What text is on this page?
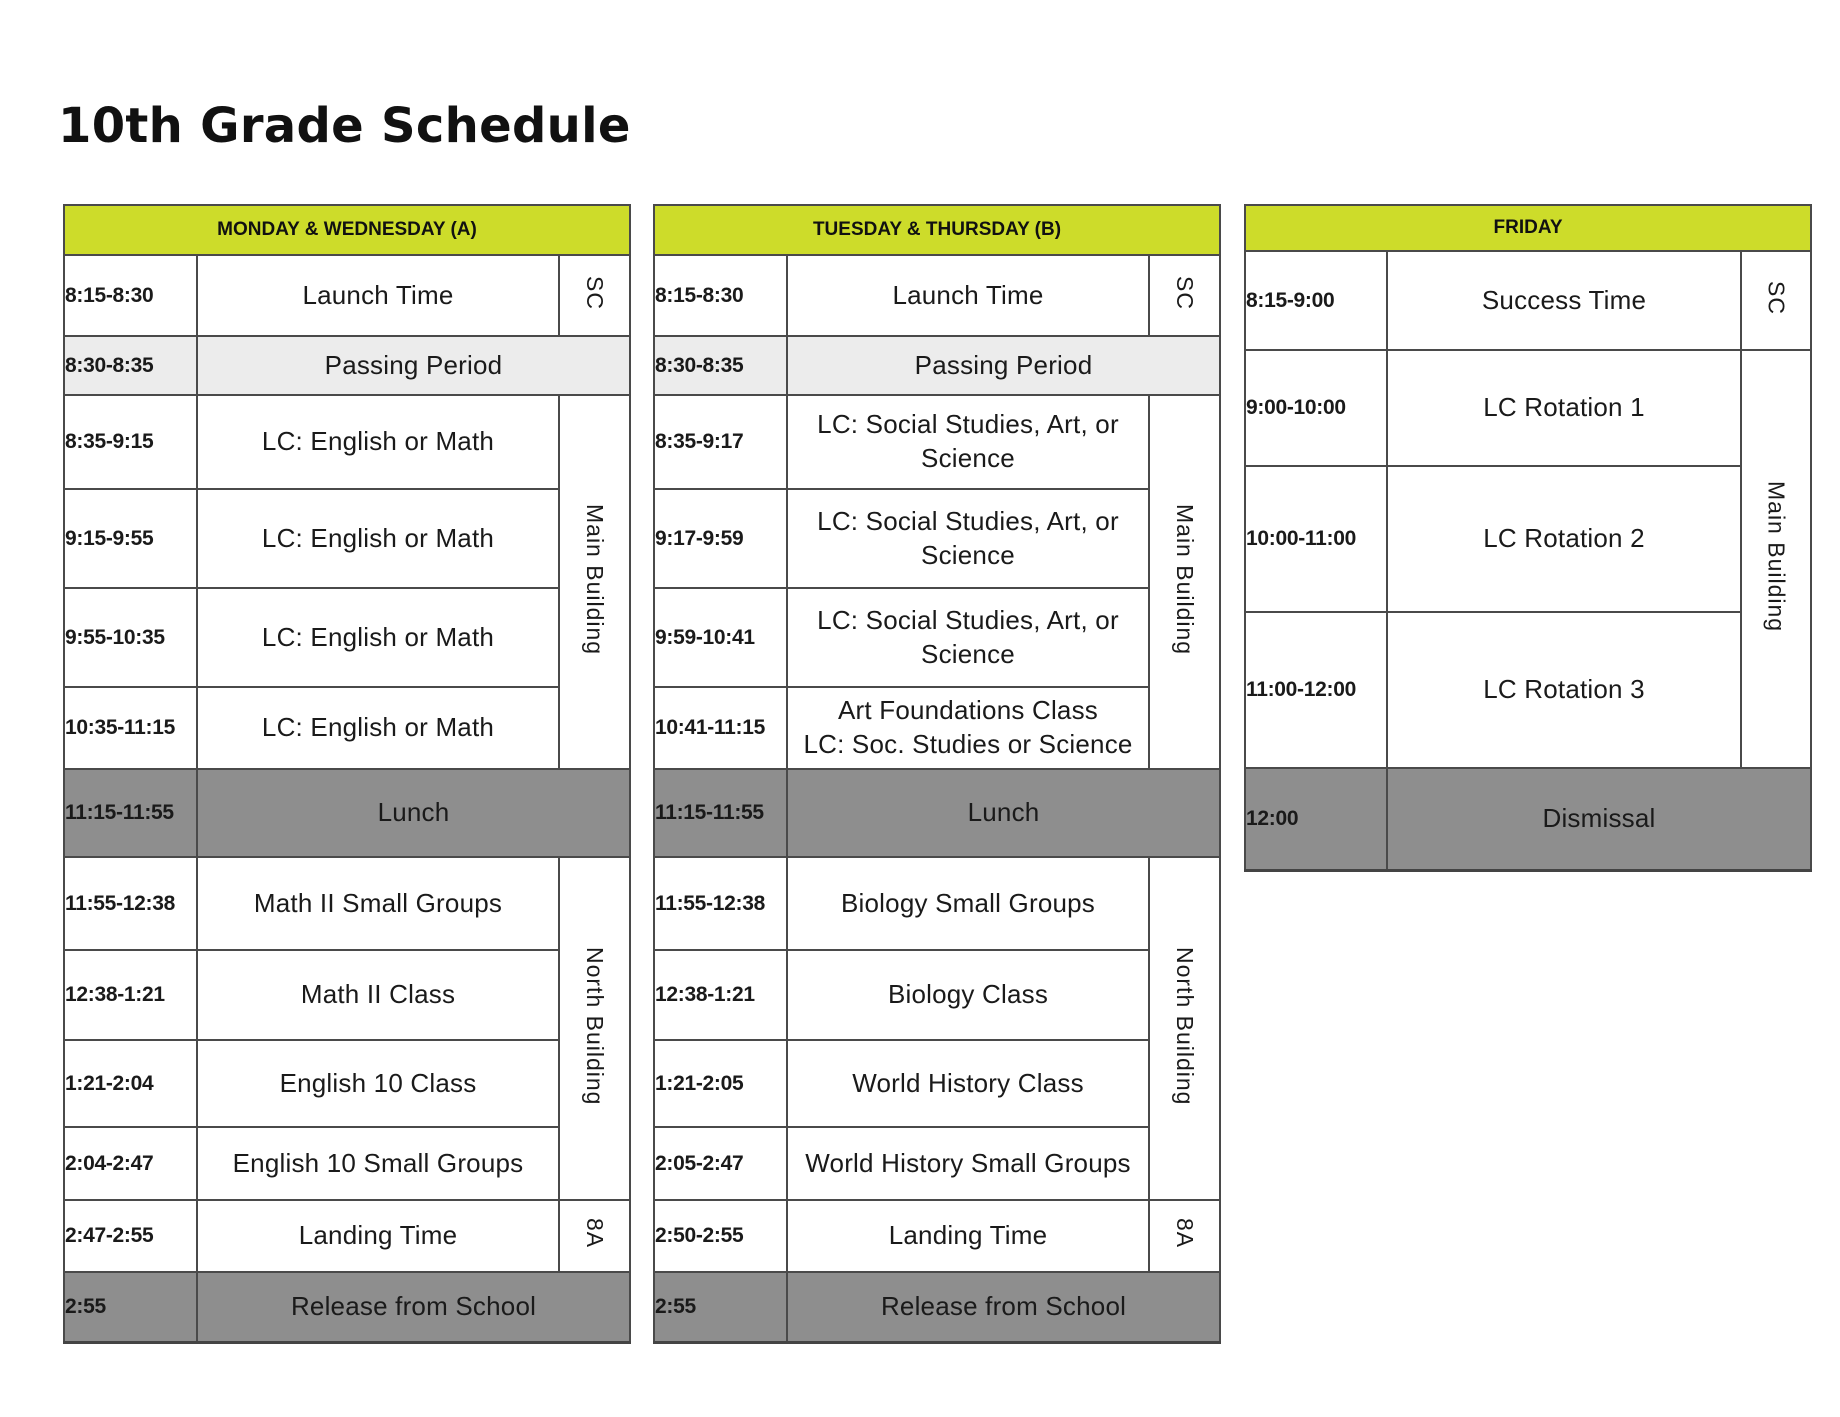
10th Grade Schedule
MONDAY & WEDNESDAY (A)		
8:15-8:30	Launch Time	SC
8:30-8:35	Passing Period	
8:35-9:15	LC: English or Math	Main Building
9:15-9:55	LC: English or Math	
9:55-10:35	LC: English or Math	
10:35-11:15	LC: English or Math	
11:15-11:55	Lunch	
11:55-12:38	Math II Small Groups	North Building
12:38-1:21	Math II Class	
1:21-2:04	English 10 Class	
2:04-2:47	English 10 Small Groups	
2:47-2:55	Landing Time	8A
2:55	Release from School	
TUESDAY & THURSDAY (B)		
8:15-8:30	Launch Time	SC
8:30-8:35	Passing Period	
8:35-9:17	LC: Social Studies, Art, or Science	Main Building
9:17-9:59	LC: Social Studies, Art, or Science	
9:59-10:41	LC: Social Studies, Art, or Science	
10:41-11:15	Art Foundations Class
LC: Soc. Studies or Science	

11:15-11:55	Lunch	
11:55-12:38	Biology Small Groups	North Building
12:38-1:21	Biology Class	
1:21-2:05	World History Class	
2:05-2:47	World History Small Groups	
2:50-2:55	Landing Time	8A
2:55	Release from School	
FRIDAY		
8:15-9:00	Success Time	SC
9:00-10:00	LC Rotation 1	Main Building
10:00-11:00	LC Rotation 2	
11:00-12:00	LC Rotation 3	
12:00	Dismissal	
